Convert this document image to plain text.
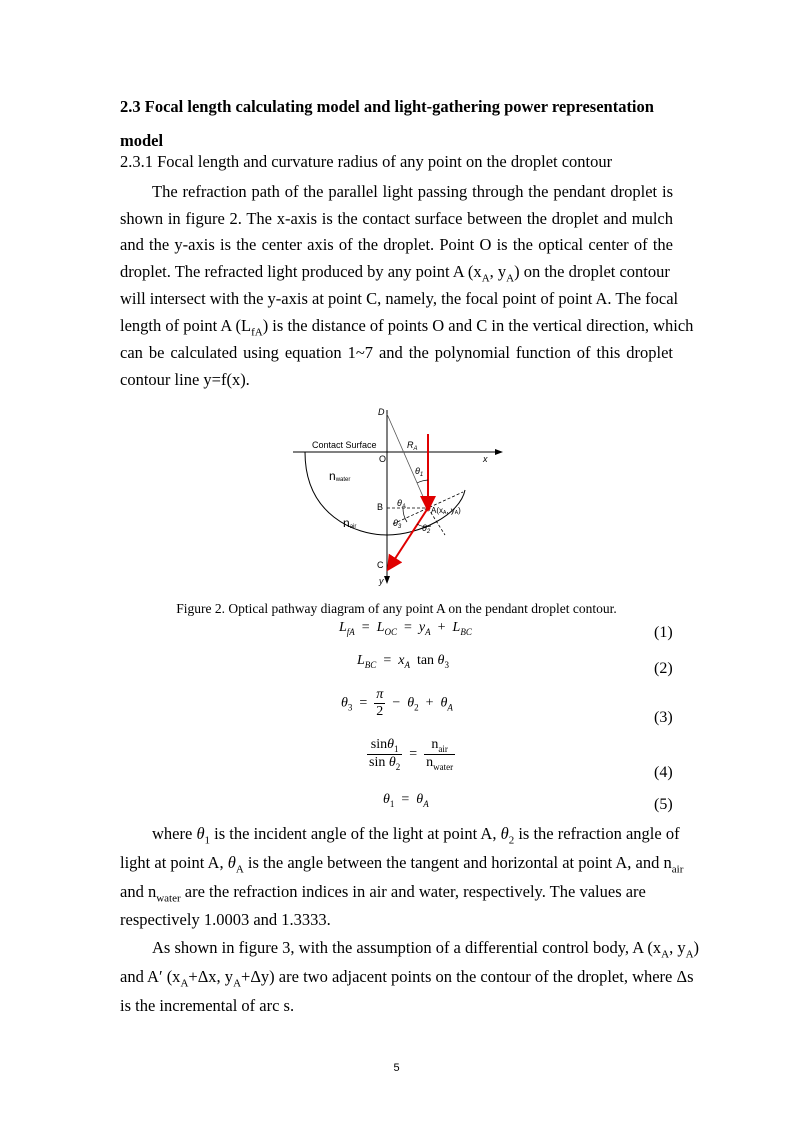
2.3 Focal length calculating model and light-gathering power representation
model
2.3.1 Focal length and curvature radius of any point on the droplet contour
The refraction path of the parallel light passing through the pendant droplet is
shown in figure 2. The x-axis is the contact surface between the droplet and mulch
and the y-axis is the center axis of the droplet. Point O is the optical center of the
droplet. The refracted light produced by any point A ($x_A$, $y_A$) on the droplet contour
will intersect with the y-axis at point C, namely, the focal point of point A. The focal
length of point A $(L_{fA})$ is the distance of points O and C in the vertical direction, which
can be calculated using equation 1~7 and the polynomial function of this droplet
contour line y=f(x).
D
Contact Surface	$R_A$
O	x
$\theta_1$
nwater
B $\theta_A$	A(xA, yA)
nair	$\theta_3$ $\theta_2$
C
y
Figure 2. Optical pathway diagram of any point A on the pendant droplet contour.
$L_{fA} = L_{OC} = y_A + L_{BC}$	(1)
$L_{BC} = x_A$ $\tan \theta_3$	(2)
$\theta_3 = \frac{\pi}{2} - \theta_2 + \theta_A$
(3)
$\frac{\sin\theta_1}{\sin \theta_2} = \frac{n_{air}}{n_{water}}$
(4)
$\theta_1 = \theta_A$	(5)
where $\theta_1$ is the incident angle of the light at point A, $\theta_2$ is the refraction angle of
light at point A, $\theta_A$ is the angle between the tangent and horizontal at point A, and $n_{air}$
and $n_{water}$ are the refraction indices in air and water, respectively. The values are
respectively 1.0003 and 1.3333.
As shown in figure 3, with the assumption of a differential control body, A ($x_A$, $y_A$)
and A′ ($x_A+\Delta x$, $y_A+\Delta y$) are two adjacent points on the contour of the droplet, where Δs
is the incremental of arc s.
5
